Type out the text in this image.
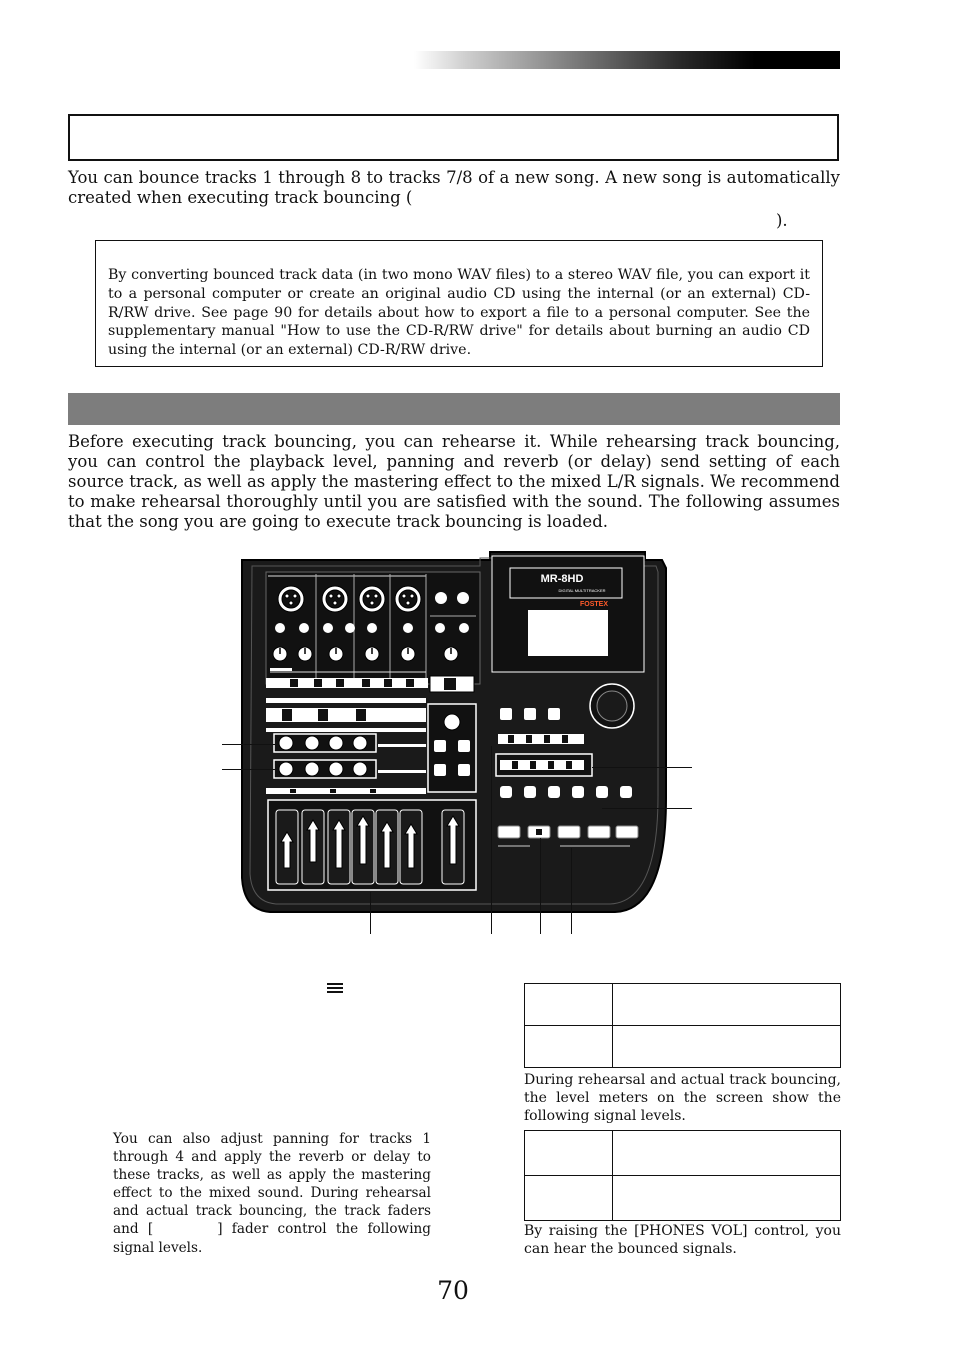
You can bounce tracks 1 through 8 to tracks 7/8 of a new song. A new song is automatically created when executing track bouncing (
).
By converting bounced track data (in two mono WAV files) to a stereo WAV file, you can export it to a personal computer or create an original audio CD using the internal (or an external) CD-R/RW drive. See page 90 for details about how to export a file to a personal computer. See the supplementary manual "How to use the CD-R/RW drive" for details about burning an audio CD using the internal (or an external) CD-R/RW drive.
Before executing track bouncing, you can rehearse it. While rehearsing track bouncing, you can control the playback level, panning and reverb (or delay) send setting of each source track, as well as apply the mastering effect to the mixed L/R signals. We recommend to make rehearsal thoroughly until you are satisfied with the sound. The following assumes that the song you are going to execute track bouncing is loaded.
MR-8HD
DIGITAL MULTITRACKER
FOSTEX
You can also adjust panning for tracks 1 through 4 and apply the reverb or delay to these tracks, as well as apply the mastering effect to the mixed sound. During rehearsal and actual track bouncing, the track faders and [	] fader control the following signal levels.

During rehearsal and actual track bouncing, the level meters on the screen show the following signal levels.

By raising the [PHONES VOL] control, you can hear the bounced signals.
70
